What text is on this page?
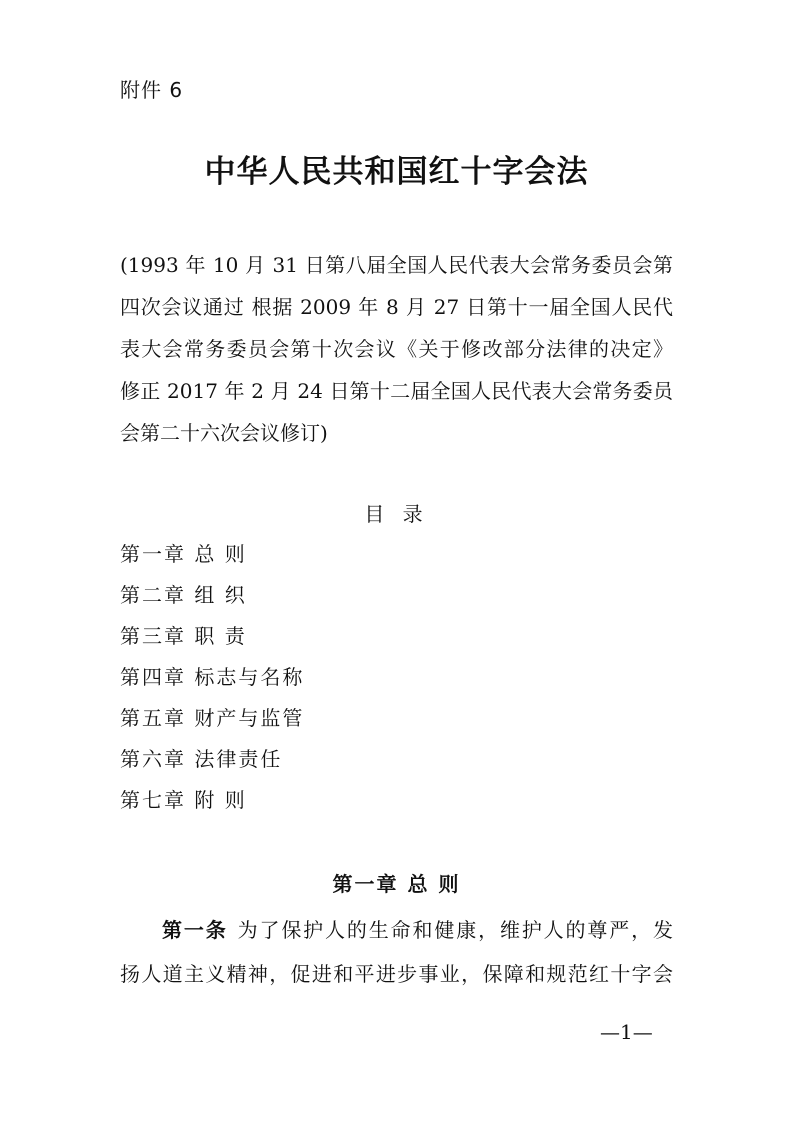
附件 6
中华人民共和国红十字会法
(1993 年 10 月 31 日第八届全国人民代表大会常务委员会第
四次会议通过 根据 2009 年 8 月 27 日第十一届全国人民代
表大会常务委员会第十次会议《关于修改部分法律的决定》
修正 2017 年 2 月 24 日第十二届全国人民代表大会常务委员
会第二十六次会议修订)
目 录
第一章 总 则
第二章 组 织
第三章 职 责
第四章 标志与名称
第五章 财产与监管
第六章 法律责任
第七章 附 则
第一章 总 则
第一条 为了保护人的生命和健康，维护人的尊严，发
扬人道主义精神，促进和平进步事业，保障和规范红十字会
—1—
